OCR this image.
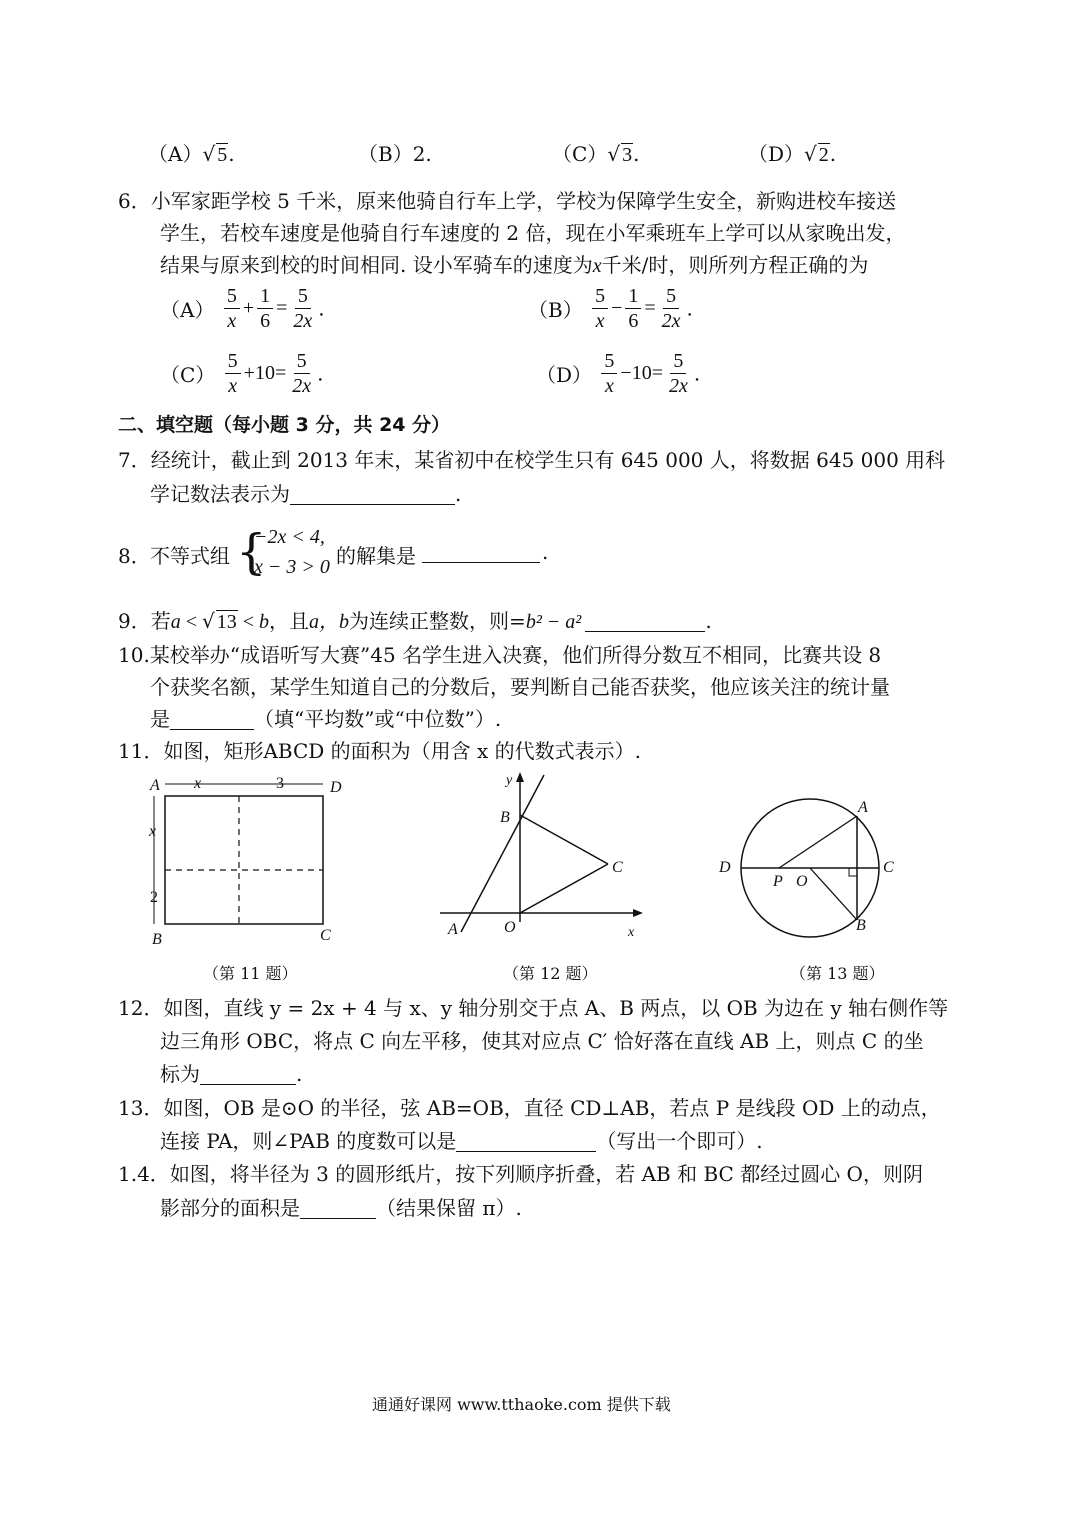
（A）√ 5.	（B）2.	（C）√ 3.	（D）√ 2.
6．小军家距学校 5 千米，原来他骑自行车上学，学校为保障学生安全，新购进校车接送
学生，若校车速度是他骑自行车速度的 2 倍，现在小军乘班车上学可以从家晚出发，
结果与原来到校的时间相同. 设小军骑车的速度为x千米/时，则所列方程正确的为
$(A) \frac{5}{x} + \frac{1}{6} = \frac{5}{2x}$ .	$(B) \frac{5}{x} - \frac{1}{6} = \frac{5}{2x}$ .
$(C) \frac{5}{x} +10= \frac{5}{2x}$ .	$(D) \frac{5}{x} -10= \frac{5}{2x}$ .
二、填空题（每小题 3 分，共 24 分）
7．经统计，截止到 2013 年末，某省初中在校学生只有 645 000 人，将数据 645 000 用科
学记数法表示为	.
8． 不等式组 {
−2x < 4,
x − 3 > 0 的解集是	.
9．若a < √ 13 < b，且a，b为连续正整数，则=b² − a²	.
10.某校举办“成语听写大赛”45 名学生进入决赛，他们所得分数互不相同，比赛共设 8
个获奖名额，某学生知道自己的分数后，要判断自己能否获奖，他应该关注的统计量
是	（填“平均数”或“中位数”）.
11．如图，矩形ABCD 的面积为（用含 x 的代数式表示）.
A	D
B	C
x	3
x
2
（第 11 题）
y
B
C
A	O	x
（第 12 题）
A
B
C
D
P O
（第 13 题）
12．如图，直线 y = 2x + 4 与 x、y 轴分别交于点 A、B 两点，以 OB 为边在 y 轴右侧作等
边三角形 OBC，将点 C 向左平移，使其对应点 C′ 恰好落在直线 AB 上，则点 C 的坐
标为	.
13．如图，OB 是⊙O 的半径，弦 AB=OB，直径 CD⊥AB，若点 P 是线段 OD 上的动点，
连接 PA，则∠PAB 的度数可以是	（写出一个即可）.
1.4．如图，将半径为 3 的圆形纸片，按下列顺序折叠，若 AB 和 BC 都经过圆心 O，则阴
影部分的面积是	（结果保留 π）.
通通好课网 www.tthaoke.com 提供下载
